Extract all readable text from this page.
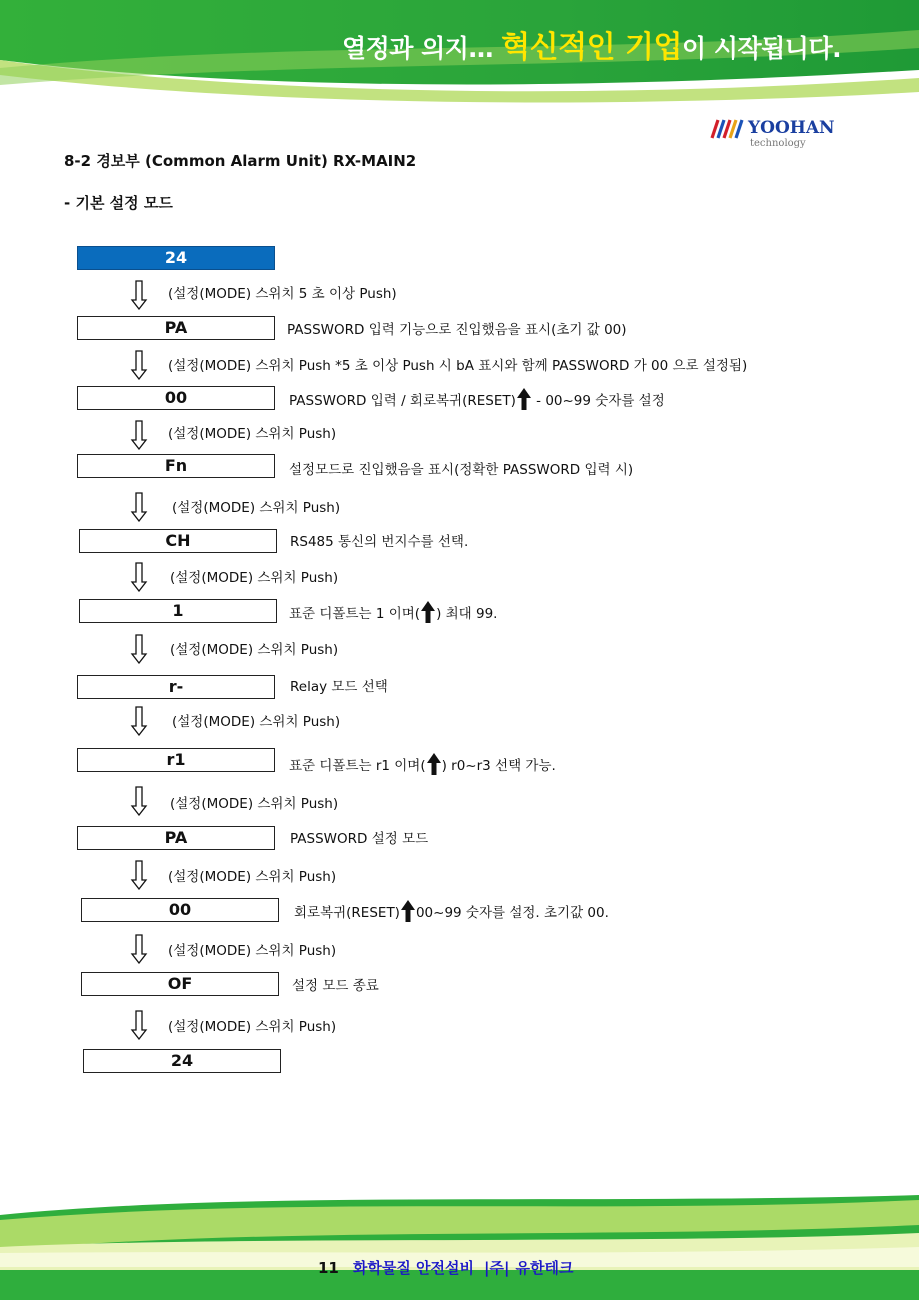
열정과 의지… 혁신적인 기업이 시작됩니다.
YOOHAN
technology
8-2 경보부 (Common Alarm Unit) RX-MAIN2
- 기본 설정 모드
24
(설정(MODE) 스위치 5 초 이상 Push)
PA	PASSWORD 입력 기능으로 진입했음을 표시(초기 값 00)
(설정(MODE) 스위치 Push *5 초 이상 Push 시 bA 표시와 함께 PASSWORD 가 00 으로 설정됨)
00	PASSWORD 입력 / 회로복귀(RESET) - 00~99 숫자를 설정
(설정(MODE) 스위치 Push)
Fn	설정모드로 진입했음을 표시(정확한 PASSWORD 입력 시)
(설정(MODE) 스위치 Push)
CH	RS485 통신의 번지수를 선택.
(설정(MODE) 스위치 Push)
1	표준 디폴트는 1 이며( ) 최대 99.
(설정(MODE) 스위치 Push)
r-	Relay 모드 선택
(설정(MODE) 스위치 Push)
r1	표준 디폴트는 r1 이며( ) r0~r3 선택 가능.
(설정(MODE) 스위치 Push)
PA	PASSWORD 설정 모드
(설정(MODE) 스위치 Push)
00	회로복귀(RESET) 00~99 숫자를 설정. 초기값 00.
(설정(MODE) 스위치 Push)
OF	설정 모드 종료
(설정(MODE) 스위치 Push)
24
11 화학물질 안전설비 |주| 유한테크
